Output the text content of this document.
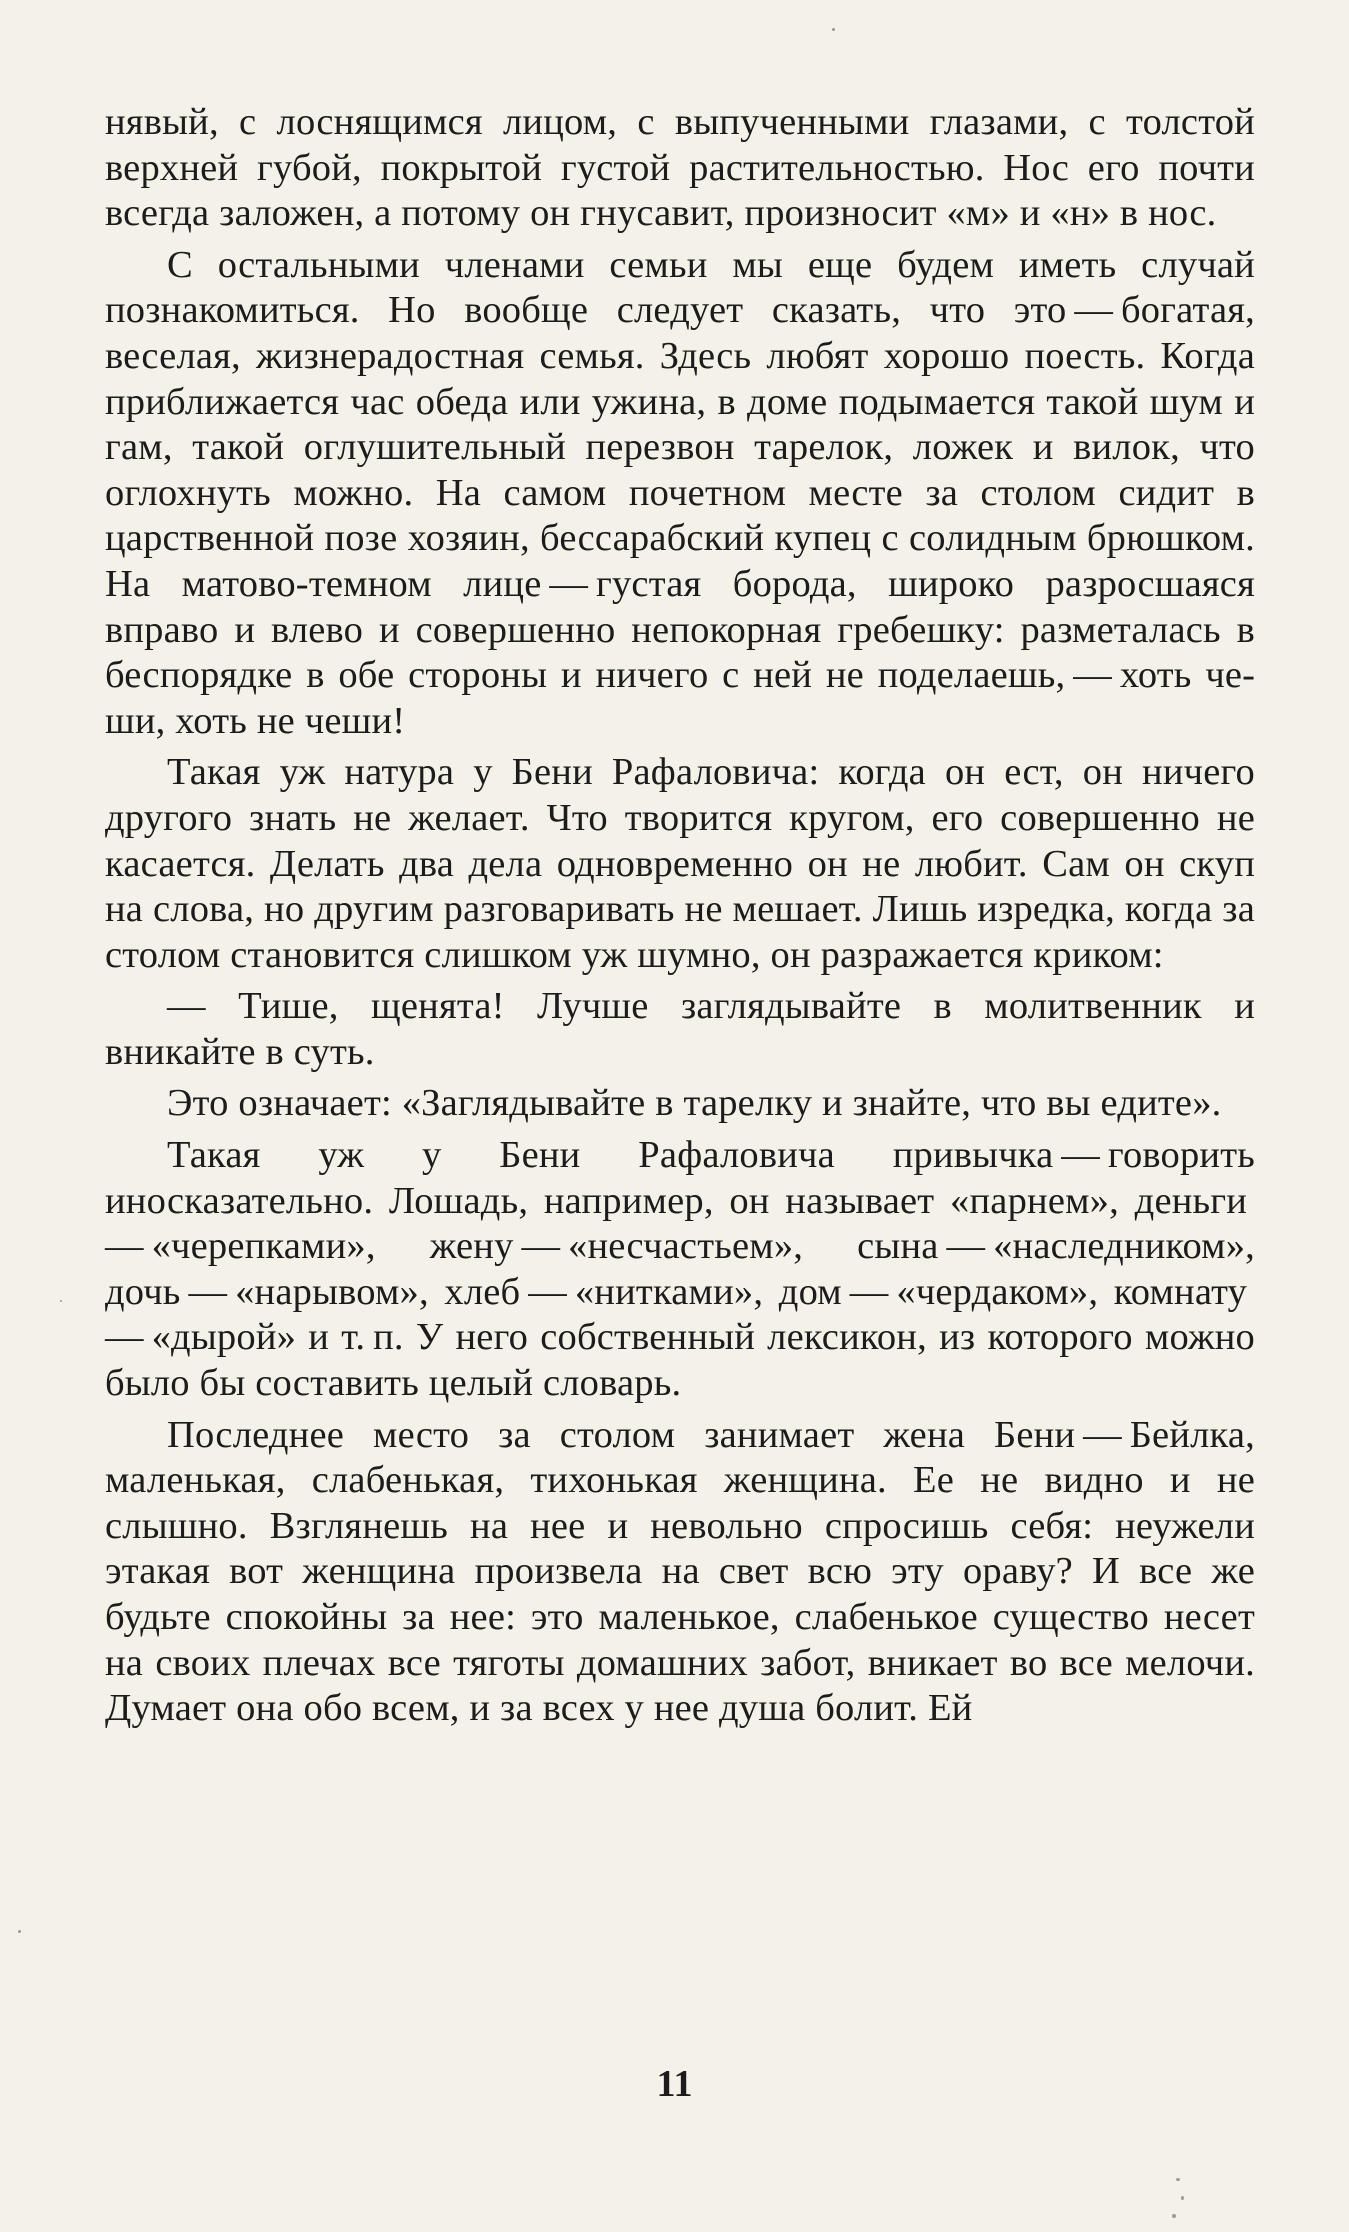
нявый, с лоснящимся лицом, с выпученными глазами, с толстой верхней губой, покрытой густой растительностью. Нос его почти всегда заложен, а потому он гнусавит, произносит «м» и «н» в нос.

С остальными членами семьи мы еще будем иметь случай познакомиться. Но вообще следует сказать, что это — богатая, веселая, жизнерадостная семья. Здесь любят хорошо поесть. Когда приближается час обеда или ужина, в доме подымается такой шум и гам, такой оглушительный перезвон тарелок, ложек и вилок, что оглохнуть можно. На самом почетном месте за столом сидит в царственной позе хозяин, бессарабский купец с солидным брюшком. На матово-темном лице — густая борода, широко разросшаяся вправо и влево и совершенно непокорная гребешку: разметалась в беспорядке в обе стороны и ничего с ней не поделаешь, — хоть чеши, хоть не чеши!

Такая уж натура у Бени Рафаловича: когда он ест, он ничего другого знать не желает. Что творится кругом, его совершенно не касается. Делать два дела одновременно он не любит. Сам он скуп на слова, но другим разговаривать не мешает. Лишь изредка, когда за столом становится слишком уж шумно, он разражается криком:

— Тише, щенята! Лучше заглядывайте в молитвенник и вникайте в суть.

Это означает: «Заглядывайте в тарелку и знайте, что вы едите».

Такая уж у Бени Рафаловича привычка — говорить иносказательно. Лошадь, например, он называет «парнем», деньги — «черепками», жену — «несчастьем», сына — «наследником», дочь — «нарывом», хлеб — «нитками», дом — «чердаком», комнату — «дырой» и т. п. У него собственный лексикон, из которого можно было бы составить целый словарь.

Последнее место за столом занимает жена Бени — Бейлка, маленькая, слабенькая, тихонькая женщина. Ее не видно и не слышно. Взглянешь на нее и невольно спросишь себя: неужели этакая вот женщина произвела на свет всю эту ораву? И все же будьте спокойны за нее: это маленькое, слабенькое существо несет на своих плечах все тяготы домашних забот, вникает во все мелочи. Думает она обо всем, и за всех у нее душа болит. Ей

11
